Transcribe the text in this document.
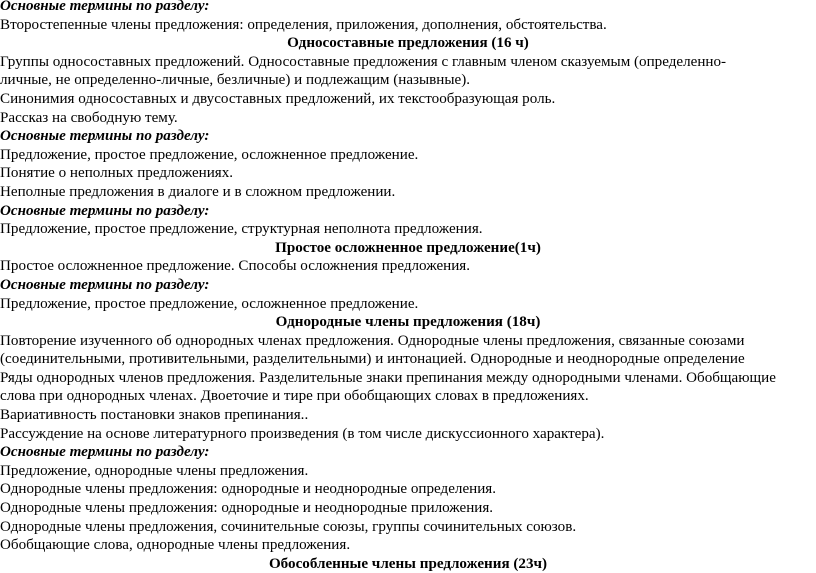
Основные термины по разделу:
Второстепенные члены предложения: определения, приложения, дополнения, обстоятельства.
Односоставные предложения (16 ч)
Группы односоставных предложений. Односоставные предложения с главным членом сказуемым (определенно-
личные, не определенно-личные, безличные) и подлежащим (назывные).
Синонимия односоставных и двусоставных предложений, их текстообразующая роль.
Рассказ на свободную тему.
Основные термины по разделу:
Предложение, простое предложение, осложненное предложение.
Понятие о неполных предложениях.
Неполные предложения в диалоге и в сложном предложении.
Основные термины по разделу:
Предложение, простое предложение, структурная неполнота предложения.
Простое осложненное предложение(1ч)
Простое осложненное предложение. Способы осложнения предложения.
Основные термины по разделу:
Предложение, простое предложение, осложненное предложение.
Однородные члены предложения (18ч)
Повторение изученного об однородных членах предложения. Однородные члены предложения, связанные союзами
(соединительными, противительными, разделительными) и интонацией. Однородные и неоднородные определение
Ряды однородных членов предложения. Разделительные знаки препинания между однородными членами. Обобщающие
слова при однородных членах. Двоеточие и тире при обобщающих словах в предложениях.
Вариативность постановки знаков препинания..
Рассуждение на основе литературного произведения (в том числе дискуссионного характера).
Основные термины по разделу:
Предложение, однородные члены предложения.
Однородные члены предложения: однородные и неоднородные определения.
Однородные члены предложения: однородные и неоднородные приложения.
Однородные члены предложения, сочинительные союзы, группы сочинительных союзов.
Обобщающие слова, однородные члены предложения.
Обособленные члены предложения (23ч)
